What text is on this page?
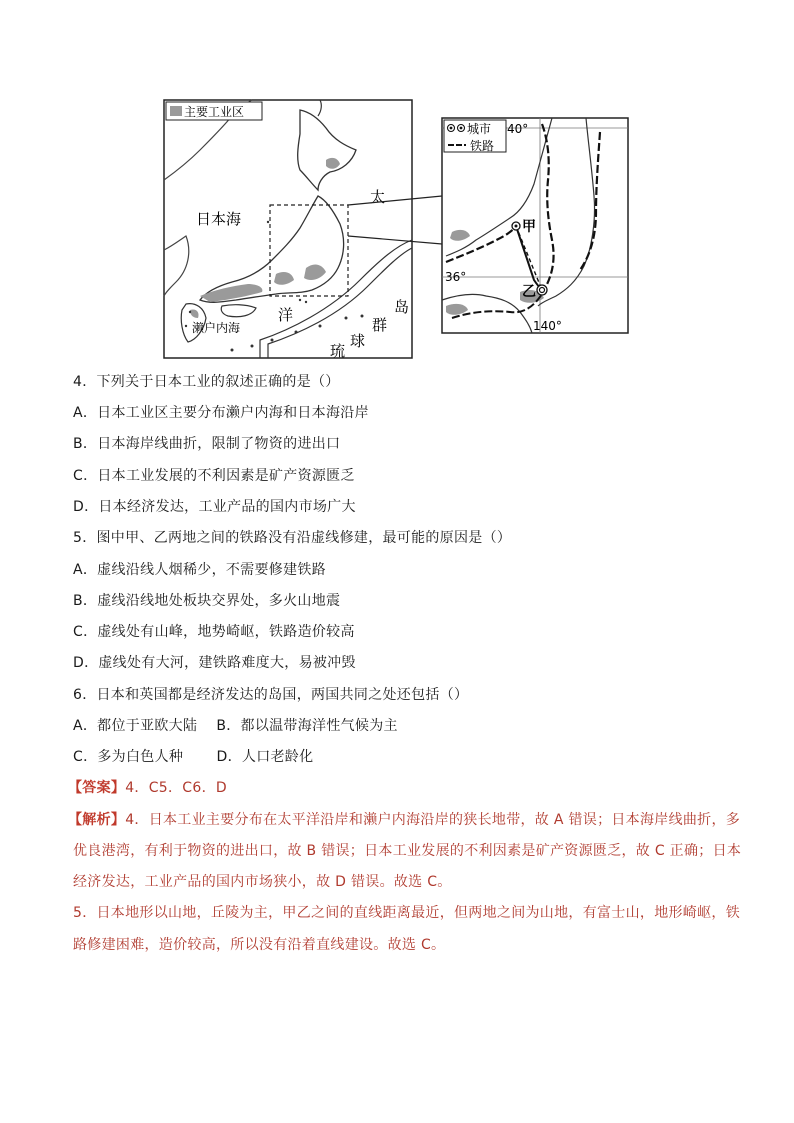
主要工业区
日本海
太
洋	岛
群
球
琉
濑户内海
城市
铁路
40°
36°
140°
甲
乙
4．下列关于日本工业的叙述正确的是（）
A．日本工业区主要分布濑户内海和日本海沿岸
B．日本海岸线曲折，限制了物资的进出口
C．日本工业发展的不利因素是矿产资源匮乏
D．日本经济发达，工业产品的国内市场广大
5．图中甲、乙两地之间的铁路没有沿虚线修建，最可能的原因是（）
A．虚线沿线人烟稀少，不需要修建铁路
B．虚线沿线地处板块交界处，多火山地震
C．虚线处有山峰，地势崎岖，铁路造价较高
D．虚线处有大河，建铁路难度大，易被冲毁
6．日本和英国都是经济发达的岛国，两国共同之处还包括（）
A．都位于亚欧大陆　 B．都以温带海洋性气候为主
C．多为白色人种　　 D．人口老龄化
【答案】4．C5．C6．D
【解析】4．日本工业主要分布在太平洋沿岸和濑户内海沿岸的狭长地带，故 A 错误；日本海岸线曲折，多
优良港湾，有利于物资的进出口，故 B 错误；日本工业发展的不利因素是矿产资源匮乏，故 C 正确；日本
经济发达，工业产品的国内市场狭小，故 D 错误。故选 C。
5．日本地形以山地，丘陵为主，甲乙之间的直线距离最近，但两地之间为山地，有富士山，地形崎岖，铁
路修建困难，造价较高，所以没有沿着直线建设。故选 C。
